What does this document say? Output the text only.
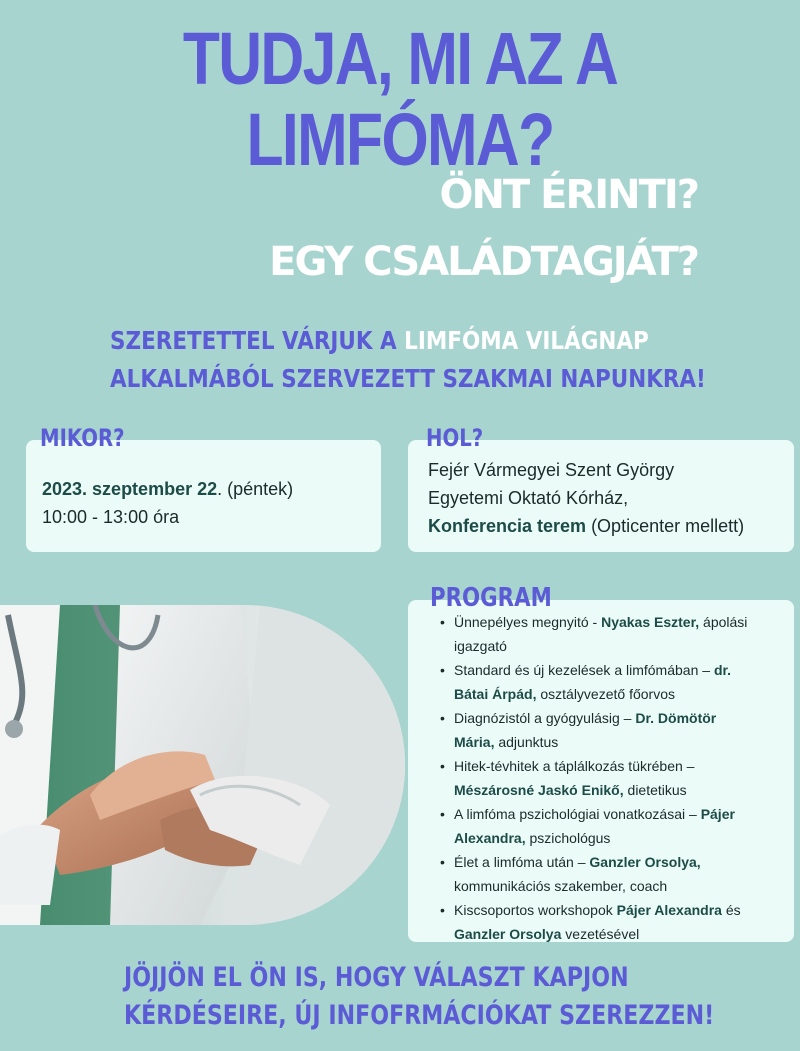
TUDJA, MI AZ A LIMFÓMA?
ÖNT ÉRINTI?
EGY CSALÁDTAGJÁT?
SZERETETTEL VÁRJUK A LIMFÓMA VILÁGNAP
ALKALMÁBÓL SZERVEZETT SZAKMAI NAPUNKRA!
MIKOR?	HOL?
2023. szeptember 22. (péntek)
10:00 - 13:00 óra
Fejér Vármegyei Szent György
Egyetemi Oktató Kórház,
Konferencia terem (Opticenter mellett)
PROGRAM
• Ünnepélyes megnyitó - Nyakas Eszter, ápolási
igazgató
• Standard és új kezelések a limfómában – dr.
Bátai Árpád, osztályvezető főorvos
• Diagnózistól a gyógyulásig – Dr. Dömötör
Mária, adjunktus
• Hitek-tévhitek a táplálkozás tükrében –
Mészárosné Jaskó Enikő, dietetikus
• A limfóma pszichológiai vonatkozásai – Pájer
Alexandra, pszichológus
• Élet a limfóma után – Ganzler Orsolya,
kommunikációs szakember, coach
• Kiscsoportos workshopok Pájer Alexandra és
Ganzler Orsolya vezetésével
JÖJJÖN EL ÖN IS, HOGY VÁLASZT KAPJON
KÉRDÉSEIRE, ÚJ INFOFRMÁCIÓKAT SZEREZZEN!
